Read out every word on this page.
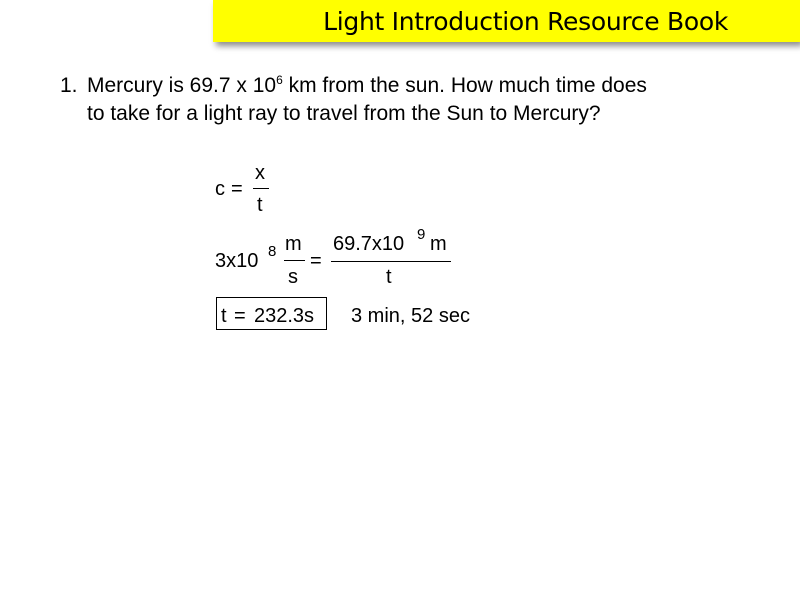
Light Introduction Resource Book
1. Mercury is 69.7 x $10^6$ km from the sun. How much time does
to take for a light ray to travel from the Sun to Mercury?
c =
x
t
3x10 8 m
s
=
69.7x10 9 m
t
t = 232.3s 3 min, 52 sec
